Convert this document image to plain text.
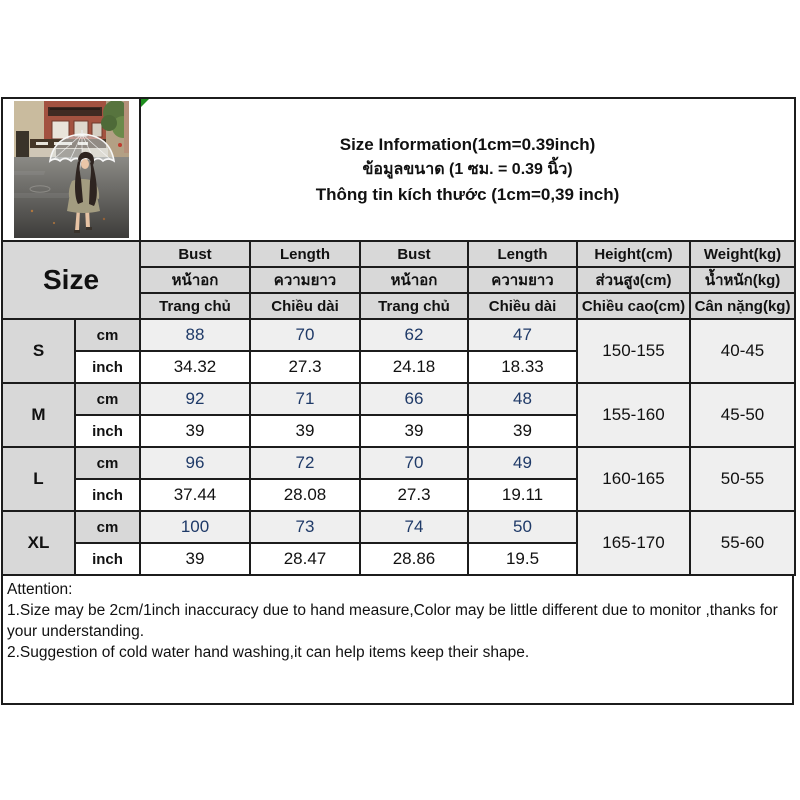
Size Information(1cm=0.39inch)
ข้อมูลขนาด (1 ซม. = 0.39 นิ้ว)
Thông tin kích thước (1cm=0,39 inch)					

Size		Bust	Length	Bust	Length	Height(cm)	Weight(kg)
		หน้าอก	ความยาว	หน้าอก	ความยาว	ส่วนสูง(cm)	น้ำหนัก(kg)
		Trang chủ	Chiều dài	Trang chủ	Chiều dài	Chiều cao(cm)	Cân nặng(kg)
S	cm	88	70	62	47	150-155	40-45
	inch	34.32	27.3	24.18	18.33		
M	cm	92	71	66	48	155-160	45-50
	inch	39	39	39	39		
L	cm	96	72	70	49	160-165	50-55
	inch	37.44	28.08	27.3	19.11		
XL	cm	100	73	74	50	165-170	55-60
	inch	39	28.47	28.86	19.5		
Attention:
1.Size may be 2cm/1inch inaccuracy due to hand measure,Color may be little different due to monitor ,thanks for your understanding.
2.Suggestion of cold water hand washing,it can help items keep their shape.
